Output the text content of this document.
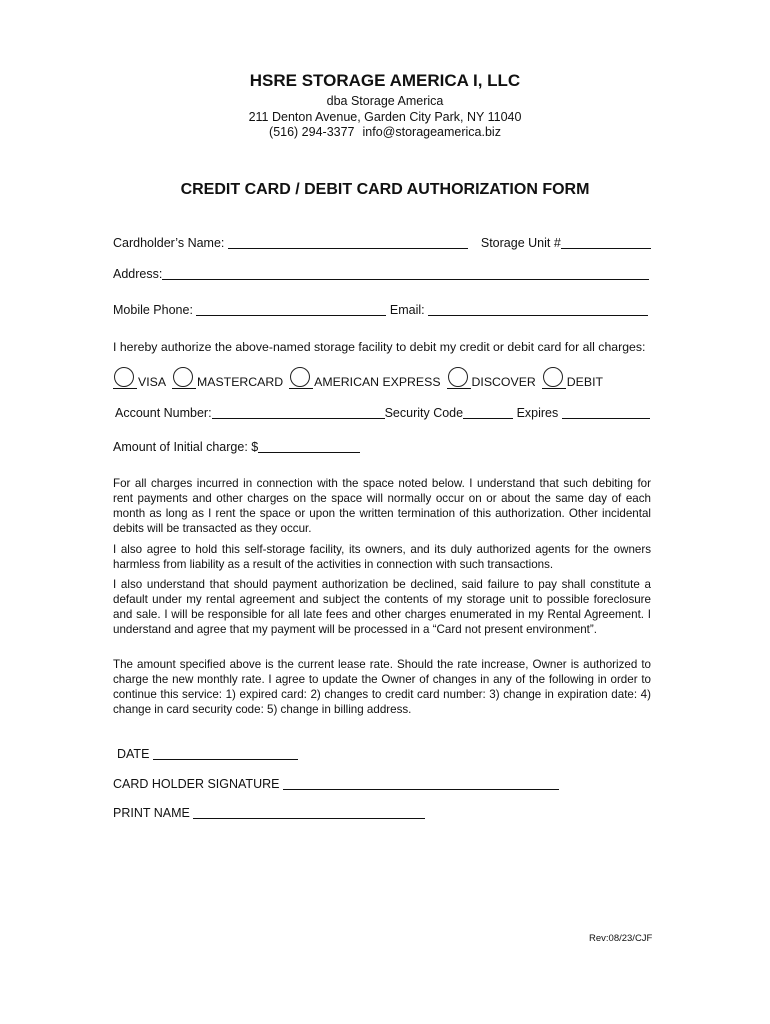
HSRE STORAGE AMERICA I, LLC
dba Storage America
211 Denton Avenue, Garden City Park, NY 11040
(516) 294-3377 info@storageamerica.biz
CREDIT CARD / DEBIT CARD AUTHORIZATION FORM
Cardholder’s Name:	Storage Unit #
Address:
Mobile Phone:	Email:
I hereby authorize the above-named storage facility to debit my credit or debit card for all charges:
VISA	MASTERCARD	AMERICAN EXPRESS	DISCOVER	DEBIT
Account Number:	Security Code	Expires
Amount of Initial charge: $
For all charges incurred in connection with the space noted below. I understand that such debiting for rent payments and other charges on the space will normally occur on or about the same day of each month as long as I rent the space or upon the written termination of this authorization. Other incidental debits will be transacted as they occur.
I also agree to hold this self-storage facility, its owners, and its duly authorized agents for the owners harmless from liability as a result of the activities in connection with such transactions.
I also understand that should payment authorization be declined, said failure to pay shall constitute a default under my rental agreement and subject the contents of my storage unit to possible foreclosure and sale. I will be responsible for all late fees and other charges enumerated in my Rental Agreement. I understand and agree that my payment will be processed in a “Card not present environment”.
The amount specified above is the current lease rate. Should the rate increase, Owner is authorized to charge the new monthly rate. I agree to update the Owner of changes in any of the following in order to continue this service: 1) expired card: 2) changes to credit card number: 3) change in expiration date: 4) change in card security code: 5) change in billing address.
DATE
CARD HOLDER SIGNATURE
PRINT NAME
Rev:08/23/CJF
